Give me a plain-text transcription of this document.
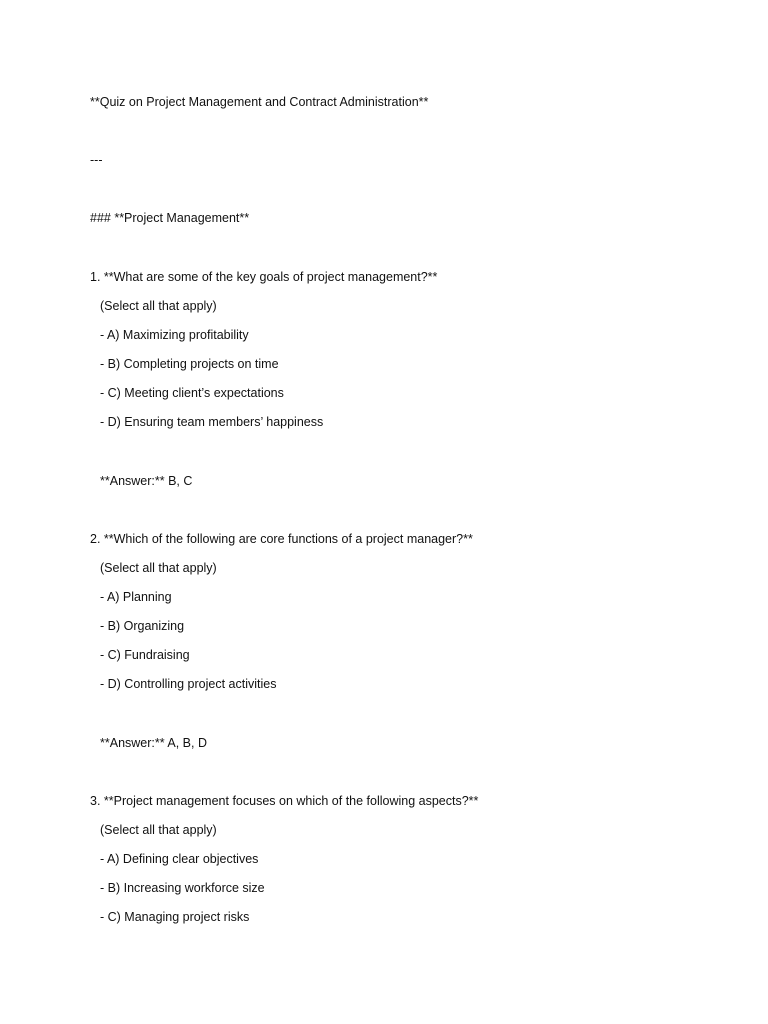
**Quiz on Project Management and Contract Administration**
---
### **Project Management**
1. **What are some of the key goals of project management?**
(Select all that apply)
- A) Maximizing profitability
- B) Completing projects on time
- C) Meeting client’s expectations
- D) Ensuring team members’ happiness
**Answer:** B, C
2. **Which of the following are core functions of a project manager?**
(Select all that apply)
- A) Planning
- B) Organizing
- C) Fundraising
- D) Controlling project activities
**Answer:** A, B, D
3. **Project management focuses on which of the following aspects?**
(Select all that apply)
- A) Defining clear objectives
- B) Increasing workforce size
- C) Managing project risks
